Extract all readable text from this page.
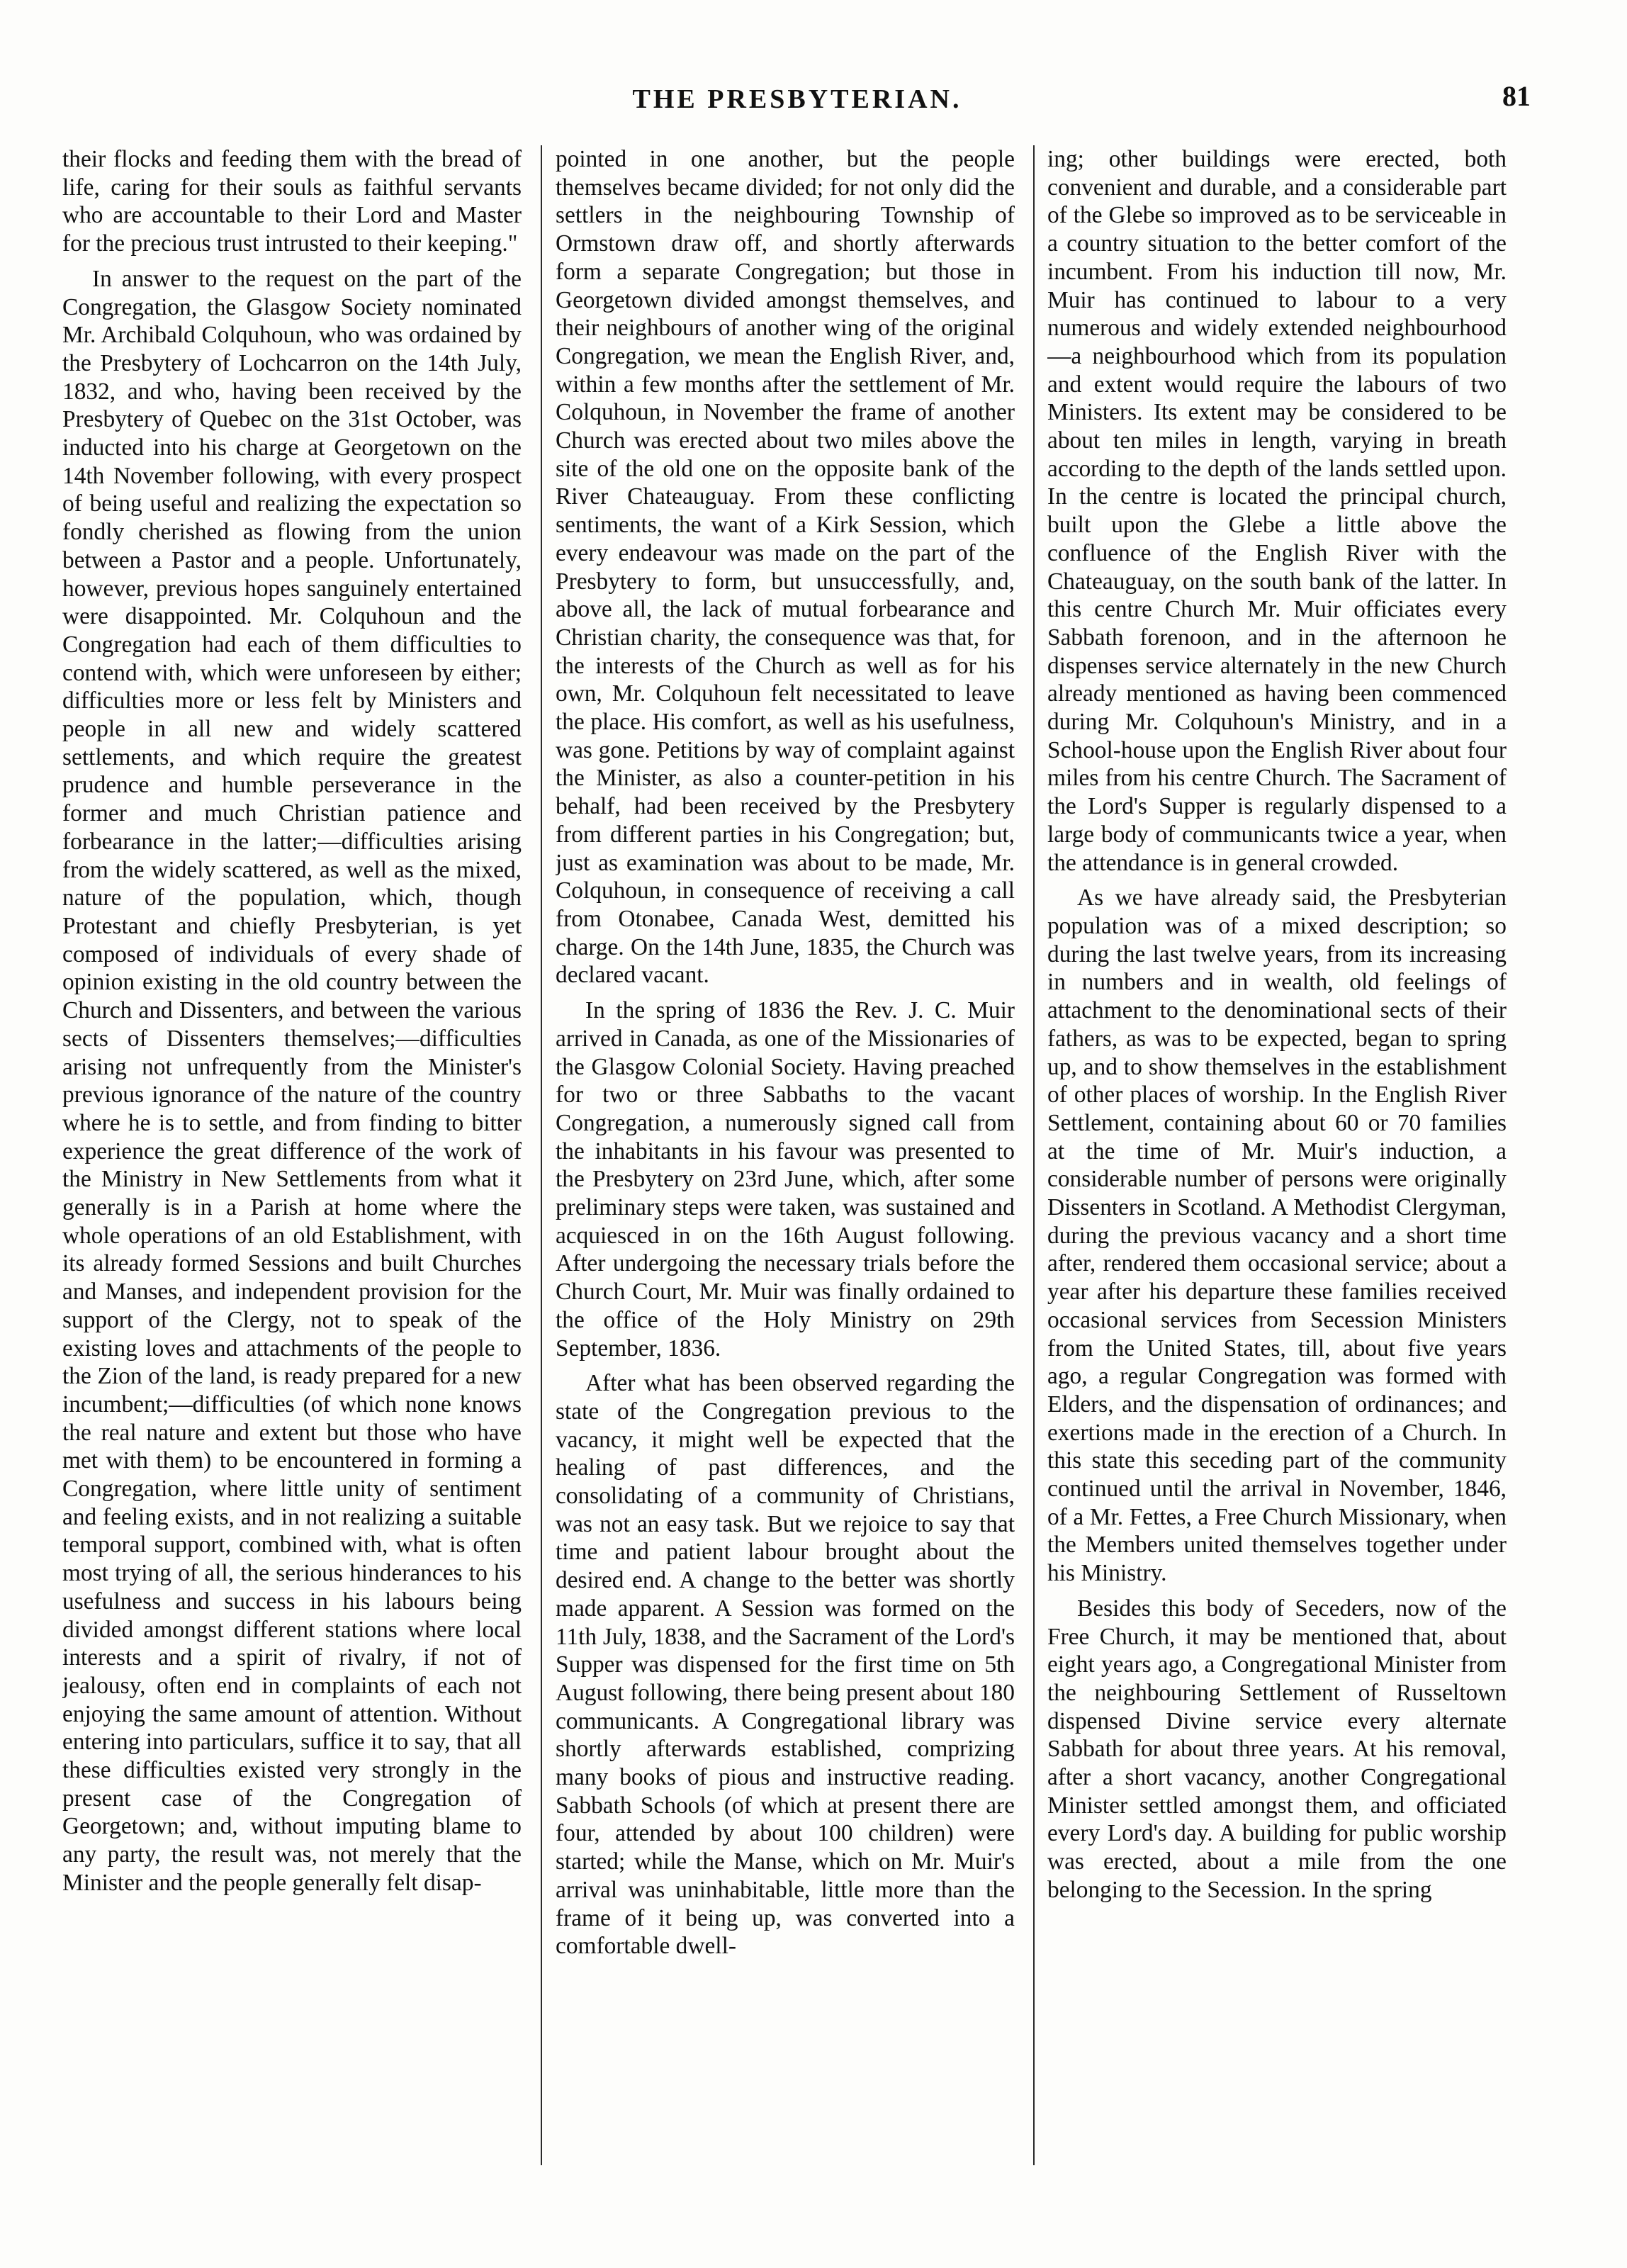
THE PRESBYTERIAN.	81

their flocks and feeding them with the bread of life, caring for their souls as faithful servants who are accountable to their Lord and Master for the precious trust intrusted to their keeping."

In answer to the request on the part of the Congregation, the Glasgow Society nominated Mr. Archibald Colquhoun, who was ordained by the Presbytery of Lochcarron on the 14th July, 1832, and who, having been received by the Presbytery of Quebec on the 31st October, was inducted into his charge at Georgetown on the 14th November following, with every prospect of being useful and realizing the expectation so fondly cherished as flowing from the union between a Pastor and a people. Unfortunately, however, previous hopes sanguinely entertained were disappointed. Mr. Colquhoun and the Congregation had each of them difficulties to contend with, which were unforeseen by either; difficulties more or less felt by Ministers and people in all new and widely scattered settlements, and which require the greatest prudence and humble perseverance in the former and much Christian patience and forbearance in the latter;—difficulties arising from the widely scattered, as well as the mixed, nature of the population, which, though Protestant and chiefly Presbyterian, is yet composed of individuals of every shade of opinion existing in the old country between the Church and Dissenters, and between the various sects of Dissenters themselves;—difficulties arising not unfrequently from the Minister's previous ignorance of the nature of the country where he is to settle, and from finding to bitter experience the great difference of the work of the Ministry in New Settlements from what it generally is in a Parish at home where the whole operations of an old Establishment, with its already formed Sessions and built Churches and Manses, and independent provision for the support of the Clergy, not to speak of the existing loves and attachments of the people to the Zion of the land, is ready prepared for a new incumbent;—difficulties (of which none knows the real nature and extent but those who have met with them) to be encountered in forming a Congregation, where little unity of sentiment and feeling exists, and in not realizing a suitable temporal support, combined with, what is often most trying of all, the serious hinderances to his usefulness and success in his labours being divided amongst different stations where local interests and a spirit of rivalry, if not of jealousy, often end in complaints of each not enjoying the same amount of attention. Without entering into particulars, suffice it to say, that all these difficulties existed very strongly in the present case of the Congregation of Georgetown; and, without imputing blame to any party, the result was, not merely that the Minister and the people generally felt disap-

pointed in one another, but the people themselves became divided; for not only did the settlers in the neighbouring Township of Ormstown draw off, and shortly afterwards form a separate Congregation; but those in Georgetown divided amongst themselves, and their neighbours of another wing of the original Congregation, we mean the English River, and, within a few months after the settlement of Mr. Colquhoun, in November the frame of another Church was erected about two miles above the site of the old one on the opposite bank of the River Chateauguay. From these conflicting sentiments, the want of a Kirk Session, which every endeavour was made on the part of the Presbytery to form, but unsuccessfully, and, above all, the lack of mutual forbearance and Christian charity, the consequence was that, for the interests of the Church as well as for his own, Mr. Colquhoun felt necessitated to leave the place. His comfort, as well as his usefulness, was gone. Petitions by way of complaint against the Minister, as also a counter-petition in his behalf, had been received by the Presbytery from different parties in his Congregation; but, just as examination was about to be made, Mr. Colquhoun, in consequence of receiving a call from Otonabee, Canada West, demitted his charge. On the 14th June, 1835, the Church was declared vacant.

In the spring of 1836 the Rev. J. C. Muir arrived in Canada, as one of the Missionaries of the Glasgow Colonial Society. Having preached for two or three Sabbaths to the vacant Congregation, a numerously signed call from the inhabitants in his favour was presented to the Presbytery on 23rd June, which, after some preliminary steps were taken, was sustained and acquiesced in on the 16th August following. After undergoing the necessary trials before the Church Court, Mr. Muir was finally ordained to the office of the Holy Ministry on 29th September, 1836.

After what has been observed regarding the state of the Congregation previous to the vacancy, it might well be expected that the healing of past differences, and the consolidating of a community of Christians, was not an easy task. But we rejoice to say that time and patient labour brought about the desired end. A change to the better was shortly made apparent. A Session was formed on the 11th July, 1838, and the Sacrament of the Lord's Supper was dispensed for the first time on 5th August following, there being present about 180 communicants. A Congregational library was shortly afterwards established, comprizing many books of pious and instructive reading. Sabbath Schools (of which at present there are four, attended by about 100 children) were started; while the Manse, which on Mr. Muir's arrival was uninhabitable, little more than the frame of it being up, was converted into a comfortable dwell-

ing; other buildings were erected, both convenient and durable, and a considerable part of the Glebe so improved as to be serviceable in a country situation to the better comfort of the incumbent. From his induction till now, Mr. Muir has continued to labour to a very numerous and widely extended neighbourhood—a neighbourhood which from its population and extent would require the labours of two Ministers. Its extent may be considered to be about ten miles in length, varying in breath according to the depth of the lands settled upon. In the centre is located the principal church, built upon the Glebe a little above the confluence of the English River with the Chateauguay, on the south bank of the latter. In this centre Church Mr. Muir officiates every Sabbath forenoon, and in the afternoon he dispenses service alternately in the new Church already mentioned as having been commenced during Mr. Colquhoun's Ministry, and in a School-house upon the English River about four miles from his centre Church. The Sacrament of the Lord's Supper is regularly dispensed to a large body of communicants twice a year, when the attendance is in general crowded.

As we have already said, the Presbyterian population was of a mixed description; so during the last twelve years, from its increasing in numbers and in wealth, old feelings of attachment to the denominational sects of their fathers, as was to be expected, began to spring up, and to show themselves in the establishment of other places of worship. In the English River Settlement, containing about 60 or 70 families at the time of Mr. Muir's induction, a considerable number of persons were originally Dissenters in Scotland. A Methodist Clergyman, during the previous vacancy and a short time after, rendered them occasional service; about a year after his departure these families received occasional services from Secession Ministers from the United States, till, about five years ago, a regular Congregation was formed with Elders, and the dispensation of ordinances; and exertions made in the erection of a Church. In this state this seceding part of the community continued until the arrival in November, 1846, of a Mr. Fettes, a Free Church Missionary, when the Members united themselves together under his Ministry.

Besides this body of Seceders, now of the Free Church, it may be mentioned that, about eight years ago, a Congregational Minister from the neighbouring Settlement of Russeltown dispensed Divine service every alternate Sabbath for about three years. At his removal, after a short vacancy, another Congregational Minister settled amongst them, and officiated every Lord's day. A building for public worship was erected, about a mile from the one belonging to the Secession. In the spring
